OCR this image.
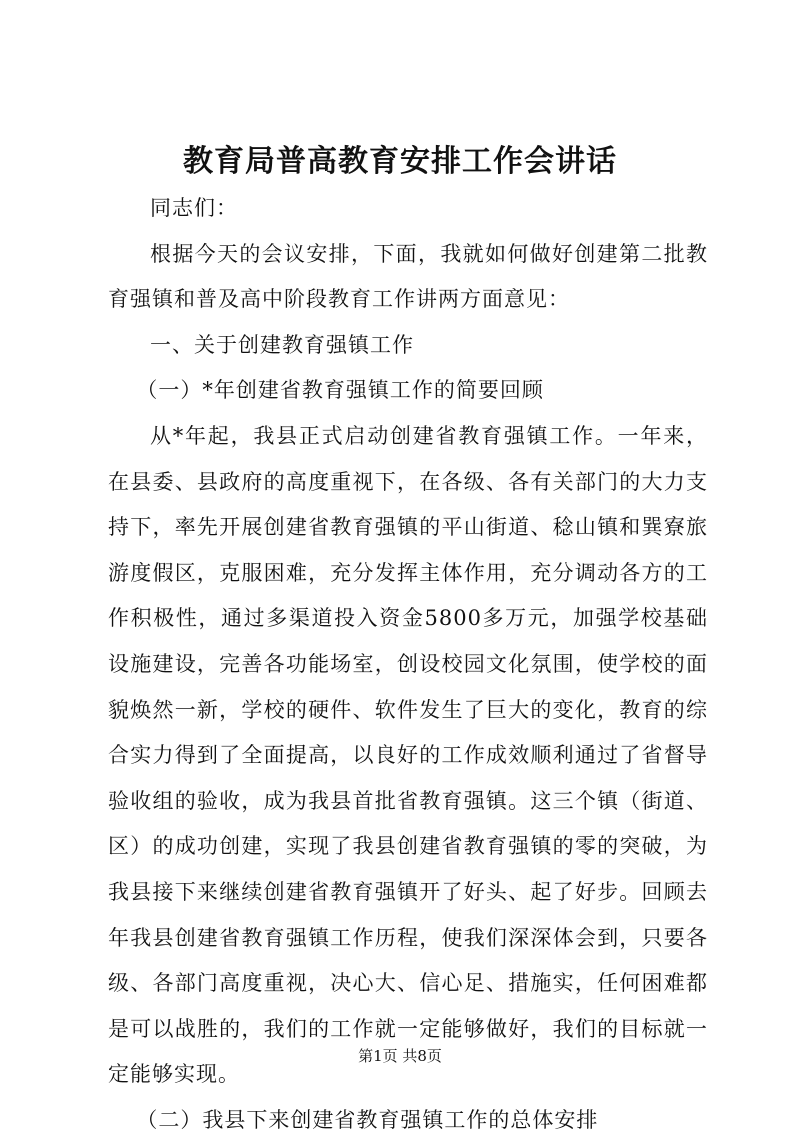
教育局普高教育安排工作会讲话

同志们：

根据今天的会议安排，下面，我就如何做好创建第二批教育强镇和普及高中阶段教育工作讲两方面意见：

一、关于创建教育强镇工作

（一）*年创建省教育强镇工作的简要回顾

从*年起，我县正式启动创建省教育强镇工作。一年来，在县委、县政府的高度重视下，在各级、各有关部门的大力支持下，率先开展创建省教育强镇的平山街道、稔山镇和巽寮旅游度假区，克服困难，充分发挥主体作用，充分调动各方的工作积极性，通过多渠道投入资金5800多万元，加强学校基础设施建设，完善各功能场室，创设校园文化氛围，使学校的面貌焕然一新，学校的硬件、软件发生了巨大的变化，教育的综合实力得到了全面提高，以良好的工作成效顺利通过了省督导验收组的验收，成为我县首批省教育强镇。这三个镇（街道、区）的成功创建，实现了我县创建省教育强镇的零的突破，为我县接下来继续创建省教育强镇开了好头、起了好步。回顾去年我县创建省教育强镇工作历程，使我们深深体会到，只要各级、各部门高度重视，决心大、信心足、措施实，任何困难都是可以战胜的，我们的工作就一定能够做好，我们的目标就一定能够实现。

（二）我县下来创建省教育强镇工作的总体安排

第1页 共8页
